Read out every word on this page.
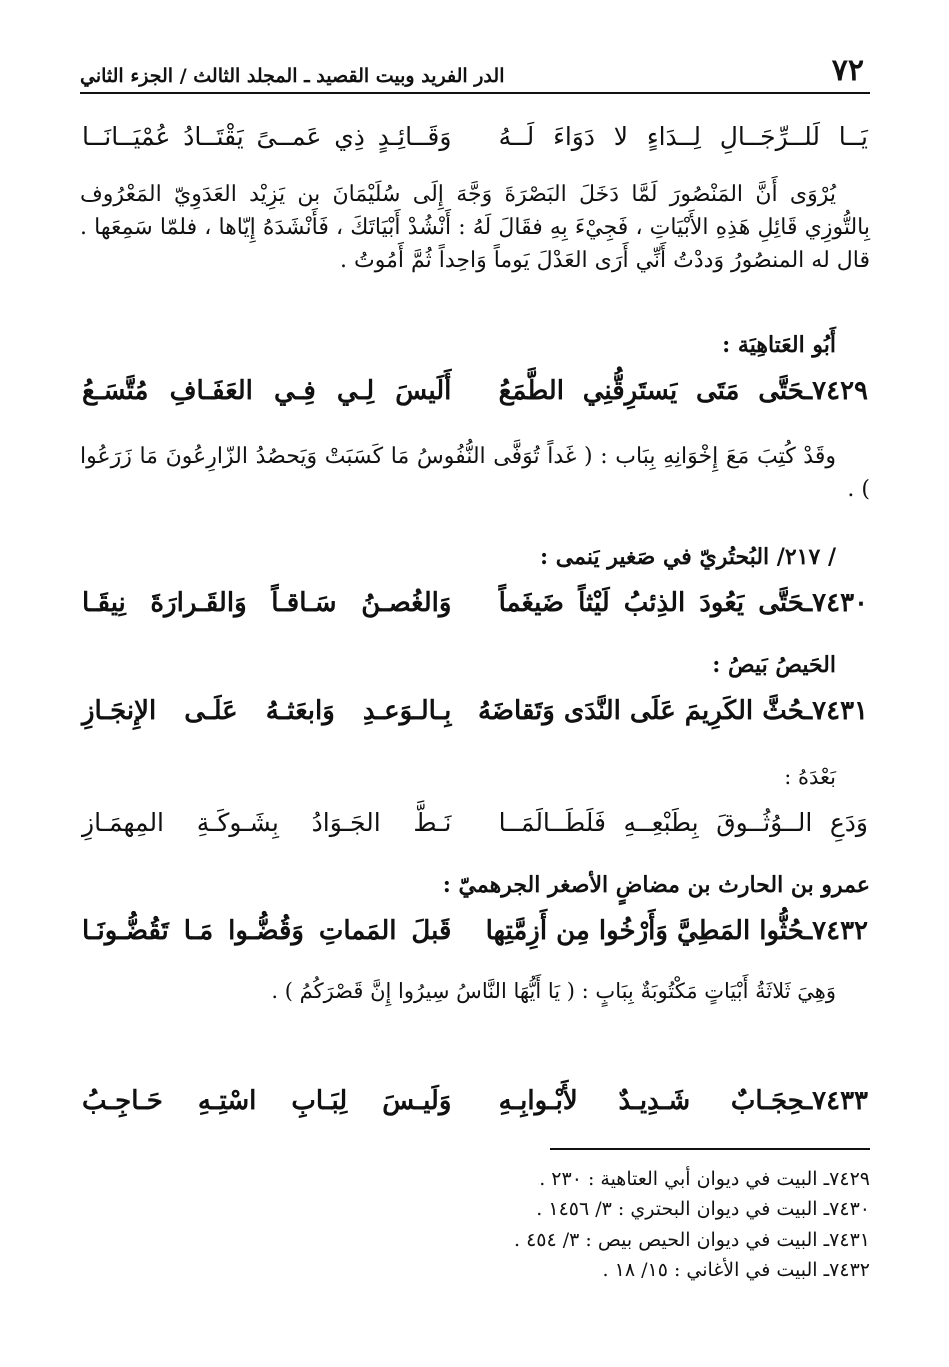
٧٢
الدر الفريد وبيت القصيد ـ المجلد الثالث / الجزء الثاني
يَــا لَلــرِّجَــالِ لِــدَاءٍ لا دَوَاءَ لَــهُ
وَقَــائِـدٍ ذِي عَمــىً يَقْتَــادُ عُمْيَــانَــا

يُرْوَى أَنَّ المَنْصُورَ لَمَّا دَخَلَ البَصْرَةَ وَجَّهَ إِلَى سُلَيْمَانَ بن يَزِيْد العَدَوِيّ المَعْرُوف بِالتُّوزِي قَائِلِ هَذِهِ الأَبْيَاتِ ، فَجِيْءَ بِهِ فقَالَ لَهُ : أَنْشُدْ أَبْيَاتَكَ ، فَأَنْشَدَهُ إِيّاها ، فلمّا سَمِعَها . قال له المنصُورُ وَددْتُ أَنِّي أَرَى العَدْلَ يَوماً وَاحِداً ثُمَّ أَمُوتُ .

أَبُو العَتاهِيَة :

٧٤٢٩ـحَتَّى مَتَى يَستَرِقُّنِي الطَّمَعُ
أَلَيسَ لِـي فِـي العَفَـافِ مُتَّسَـعُ

وقَدْ كُتِبَ مَعَ إِخْوَانِهِ بِبَاب : ( غَداً تُوَفَّى النُّفُوسُ مَا كَسَبَتْ وَيَحصُدُ الزّارِعُونَ مَا زَرَعُوا ) .

/ ٢١٧/ البُحتُريّ في صَغير يَنمى :

٧٤٣٠ـحَتَّى يَعُودَ الذِئبُ لَيْثاً ضَيغَماً
وَالغُصـنُ سَـاقـاً وَالقَـرارَةَ نِيقَـا

الحَيصُ بَيصُ :

٧٤٣١ـحُثَّ الكَرِيمَ عَلَى النَّدَى وَتَقاضَهُ
بِـالـوَعـدِ وَابعَثـهُ عَلَـى الإِنجَـازِ

بَعْدَهُ :

وَدَعِ الــوُثُــوقَ بِطَبْعِــهِ فَلَطَــالَمَــا
نَـطَّ الجَـوَادُ بِشَـوكَـةِ المِهمَـازِ

عمرو بن الحارث بن مضاضٍ الأصغر الجرهميّ :

٧٤٣٢ـحُثُّوا المَطِيَّ وَأَرْخُوا مِن أَزِمَّتِها
قَبلَ المَماتِ وَقُضُّـوا مَـا تَقُضُّـونَـا

وَهِيَ ثَلاثَةُ أَبْيَاتٍ مَكْتُوبَةٌ بِبَابٍ : ( يَا أَيُّهَا النَّاسُ سِيرُوا إِنَّ قَصْرَكُمُ ) .

٧٤٣٣ـحِجَـابٌ شَـدِيـدٌ لأَبْـوابِـهِ
وَلَيـسَ لِبَـابِ اسْتِـهِ حَـاجِـبُ
٧٤٢٩ـ البيت في ديوان أبي العتاهية : ٢٣٠ .
٧٤٣٠ـ البيت في ديوان البحتري : ٣/ ١٤٥٦ .
٧٤٣١ـ البيت في ديوان الحيص بيص : ٣/ ٤٥٤ .
٧٤٣٢ـ البيت في الأغاني : ١٥/ ١٨ .
